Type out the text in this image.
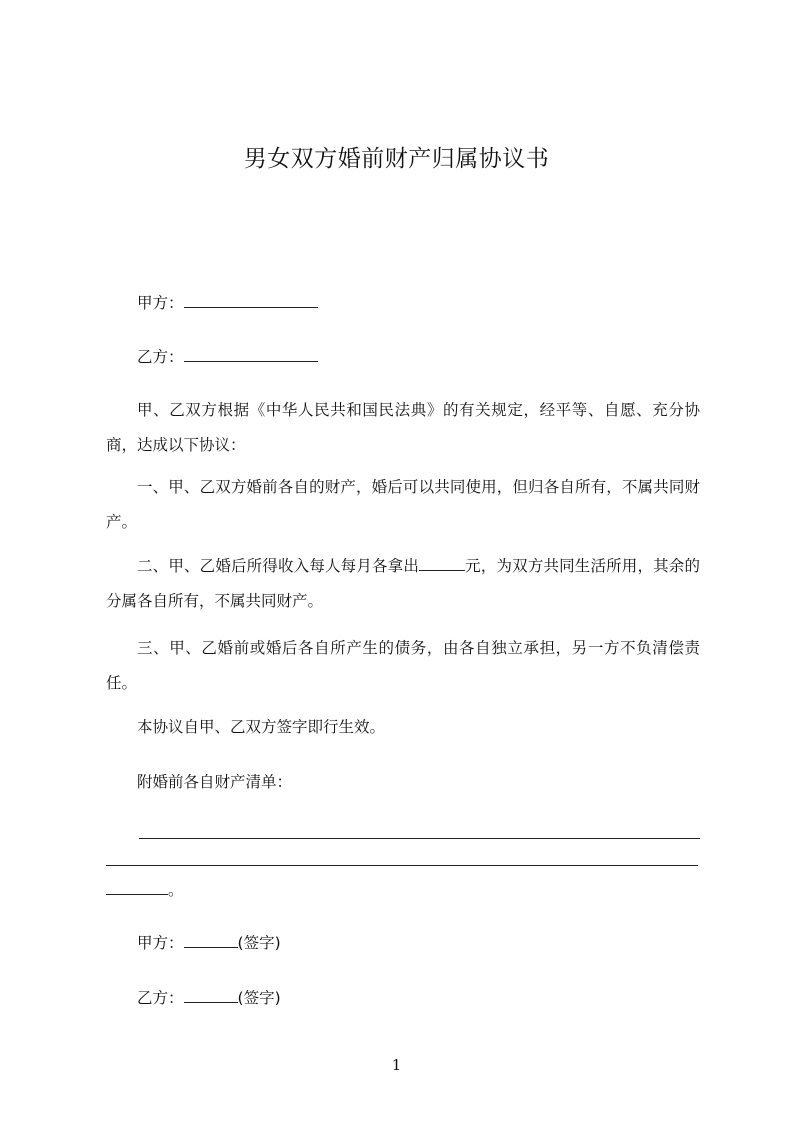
男女双方婚前财产归属协议书
甲方：
乙方：
甲、乙双方根据《中华人民共和国民法典》的有关规定，经平等、自愿、充分协商，达成以下协议：
一、甲、乙双方婚前各自的财产，婚后可以共同使用，但归各自所有，不属共同财产。
二、甲、乙婚后所得收入每人每月各拿出	元，为双方共同生活所用，其余的分属各自所有，不属共同财产。
三、甲、乙婚前或婚后各自所产生的债务，由各自独立承担，另一方不负清偿责任。
本协议自甲、乙双方签字即行生效。
附婚前各自财产清单：
。
甲方：	(签字)
乙方：	(签字)
1
